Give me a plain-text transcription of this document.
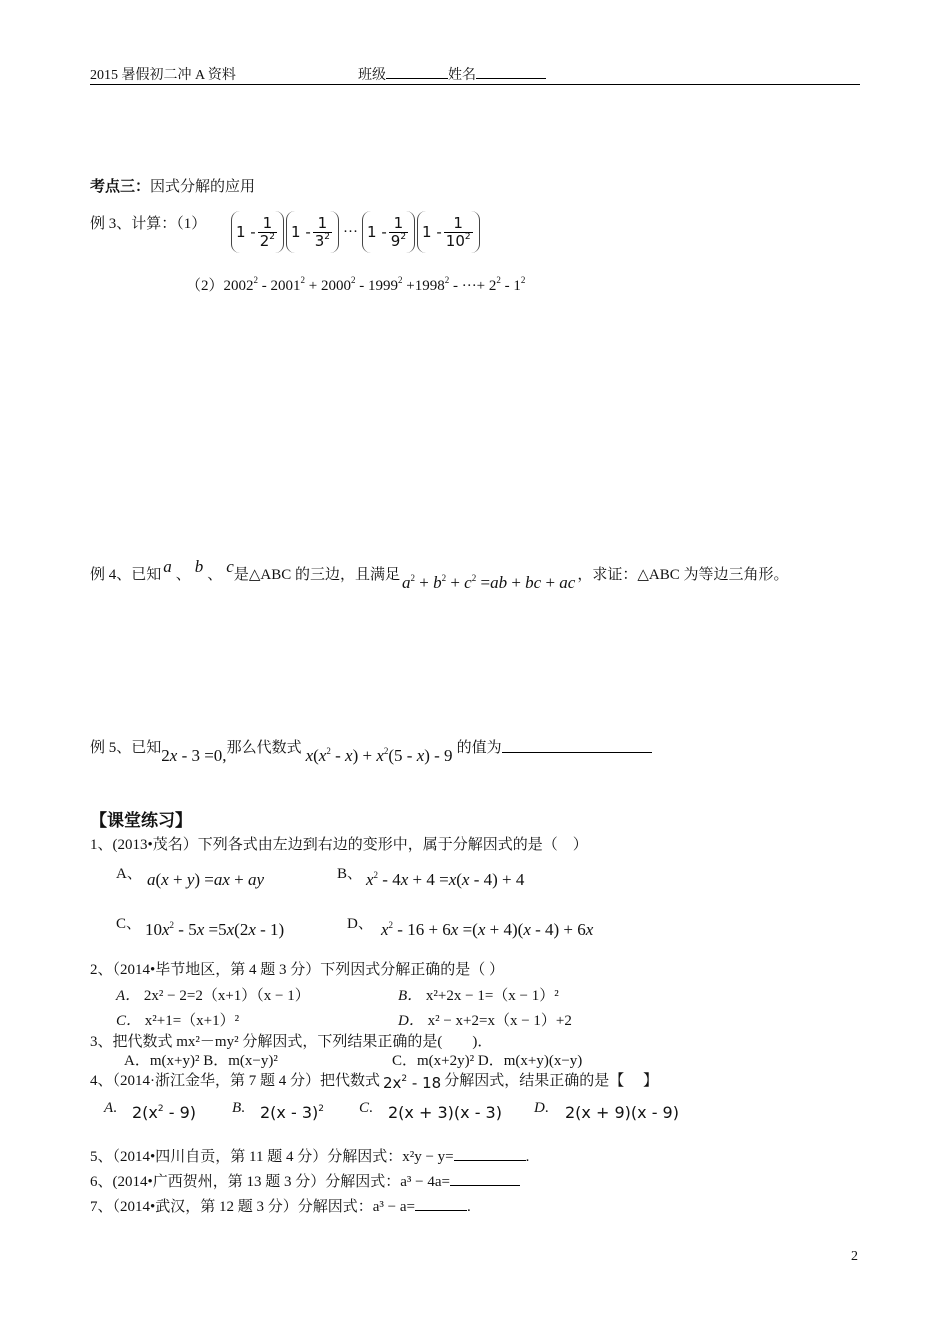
2015 暑假初二冲 A 资料	班级	姓名
考点三：因式分解的应用
例 3、计算：（1）	$1 - \frac{1}{2^2} 1 - \frac{1}{3^2}$ ··· $1 - \frac{1}{9^2} 1 - \frac{1}{10^2}$
$(2)2002^2 - 2001^2 + 2000^2 - 1999^2 +1998^2$ - ···+ $2^2 - 1^2$
例 4、已知 a 、 b 、 c 是△ABC 的三边，且满足 $a^2 + b^2 + c^2 =ab$ + bc + ac ，求证：△ABC 为等边三角形。
例 5、已知 2x - 3 =0, 那么代数式 $x(x^2 - x) + x^2(5 - x) - 9$ 的值为
【课堂练习】
1、(2013•茂名）下列各式由左边到右边的变形中，属于分解因式的是（　）
A、 a(x + y) =ax + ay	B、 $x^2 - 4x + 4 =x(x - 4) + 4$
C、 $10x^2 - 5x =5x(2x - 1)$	D、 $x^2 - 16 + 6x =(x + 4)(x - 4) + 6x$
2、（2014•毕节地区，第 4 题 3 分）下列因式分解正确的是（ ）
A． 2x² − 2=2（x+1）（x − 1）	B． x²+2x − 1=（x − 1）²
C． x²+1=（x+1）²	D． x² − x+2=x（x − 1）+2
3、把代数式 mx²－my² 分解因式，下列结果正确的是(　　)．
A．m(x+y)² B．m(x−y)²	C．m(x+2y)² D．m(x+y)(x−y)
4、（2014·浙江金华，第 7 题 4 分）把代数式 $2x^2 - 18$ 分解因式，结果正确的是【　 】
A. $2(x^2 - 9)$ B. 2(x - 3)$^2$ C. 2(x + 3)(x - 3) D. 2(x + 9)(x - 9)
5、（2014•四川自贡，第 11 题 4 分）分解因式：x²y − y=	.
6、(2014•广西贺州，第 13 题 3 分）分解因式：a³ − 4a=
7、（2014•武汉，第 12 题 3 分）分解因式：a³ − a=	.
2
